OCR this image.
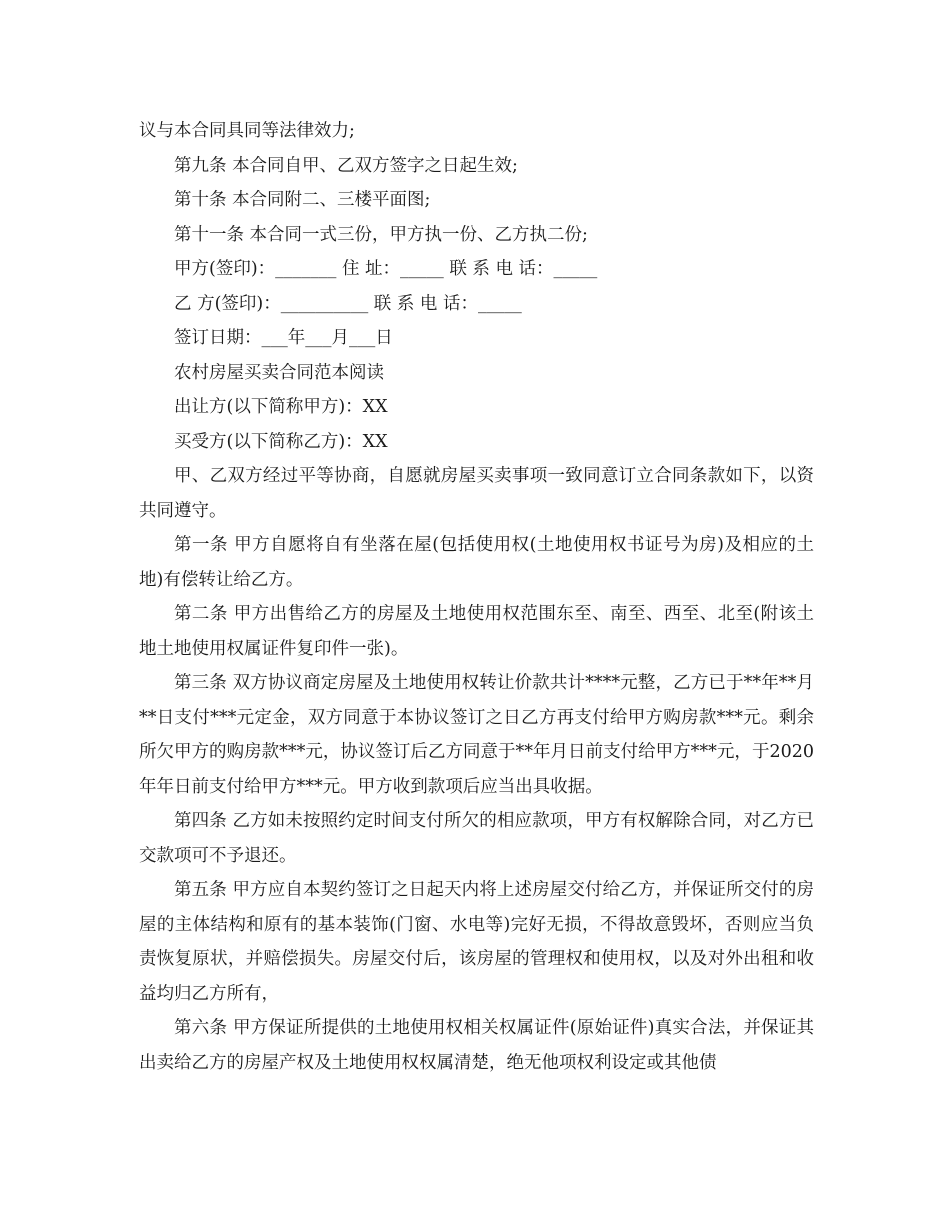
议与本合同具同等法律效力;
第九条 本合同自甲、乙双方签字之日起生效;
第十条 本合同附二、三楼平面图;
第十一条 本合同一式三份，甲方执一份、乙方执二份;
甲方(签印)：_______ 住 址：_____ 联 系 电 话：_____
乙 方(签印)：__________ 联 系 电 话：_____
签订日期：___年___月___日
农村房屋买卖合同范本阅读
出让方(以下简称甲方)：XX
买受方(以下简称乙方)：XX

甲、乙双方经过平等协商，自愿就房屋买卖事项一致同意订立合同条款如下，以资共同遵守。

第一条 甲方自愿将自有坐落在屋(包括使用权(土地使用权书证号为房)及相应的土地)有偿转让给乙方。

第二条 甲方出售给乙方的房屋及土地使用权范围东至、南至、西至、北至(附该土地土地使用权属证件复印件一张)。

第三条 双方协议商定房屋及土地使用权转让价款共计****元整，乙方已于**年**月**日支付***元定金，双方同意于本协议签订之日乙方再支付给甲方购房款***元。剩余所欠甲方的购房款***元，协议签订后乙方同意于**年月日前支付给甲方***元，于2020年年日前支付给甲方***元。甲方收到款项后应当出具收据。

第四条 乙方如未按照约定时间支付所欠的相应款项，甲方有权解除合同，对乙方已交款项可不予退还。

第五条 甲方应自本契约签订之日起天内将上述房屋交付给乙方，并保证所交付的房屋的主体结构和原有的基本装饰(门窗、水电等)完好无损，不得故意毁坏，否则应当负责恢复原状，并赔偿损失。房屋交付后，该房屋的管理权和使用权，以及对外出租和收益均归乙方所有，

第六条 甲方保证所提供的土地使用权相关权属证件(原始证件)真实合法，并保证其出卖给乙方的房屋产权及土地使用权权属清楚，绝无他项权利设定或其他债
